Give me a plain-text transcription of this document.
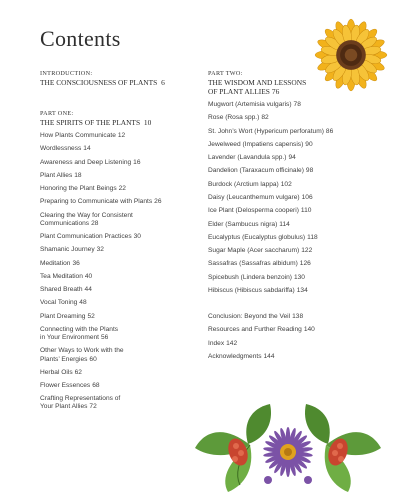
Contents
INTRODUCTION:
THE CONSCIOUSNESS OF PLANTS 6
PART ONE:
THE SPIRITS OF THE PLANTS 10
How Plants Communicate 12
Wordlessness 14
Awareness and Deep Listening 16
Plant Allies 18
Honoring the Plant Beings 22
Preparing to Communicate with Plants 26
Clearing the Way for Consistent
Communications 28
Plant Communication Practices 30
Shamanic Journey 32
Meditation 36
Tea Meditation 40
Shared Breath 44
Vocal Toning 48
Plant Dreaming 52
Connecting with the Plants
in Your Environment 56
Other Ways to Work with the
Plants’ Energies 60
Herbal Oils 62
Flower Essences 68
Crafting Representations of
Your Plant Allies 72
PART TWO:
THE WISDOM AND LESSONS
OF PLANT ALLIES 76
Mugwort (Artemisia vulgaris) 78
Rose (Rosa spp.) 82
St. John’s Wort (Hypericum perforatum) 86
Jewelweed (Impatiens capensis) 90
Lavender (Lavandula spp.) 94
Dandelion (Taraxacum officinale) 98
Burdock (Arctium lappa) 102
Daisy (Leucanthemum vulgare) 106
Ice Plant (Delosperma cooperi) 110
Elder (Sambucus nigra) 114
Eucalyptus (Eucalyptus globulus) 118
Sugar Maple (Acer saccharum) 122
Sassafras (Sassafras albidum) 126
Spicebush (Lindera benzoin) 130
Hibiscus (Hibiscus sabdariffa) 134
Conclusion: Beyond the Veil 138
Resources and Further Reading 140
Index 142
Acknowledgments 144
